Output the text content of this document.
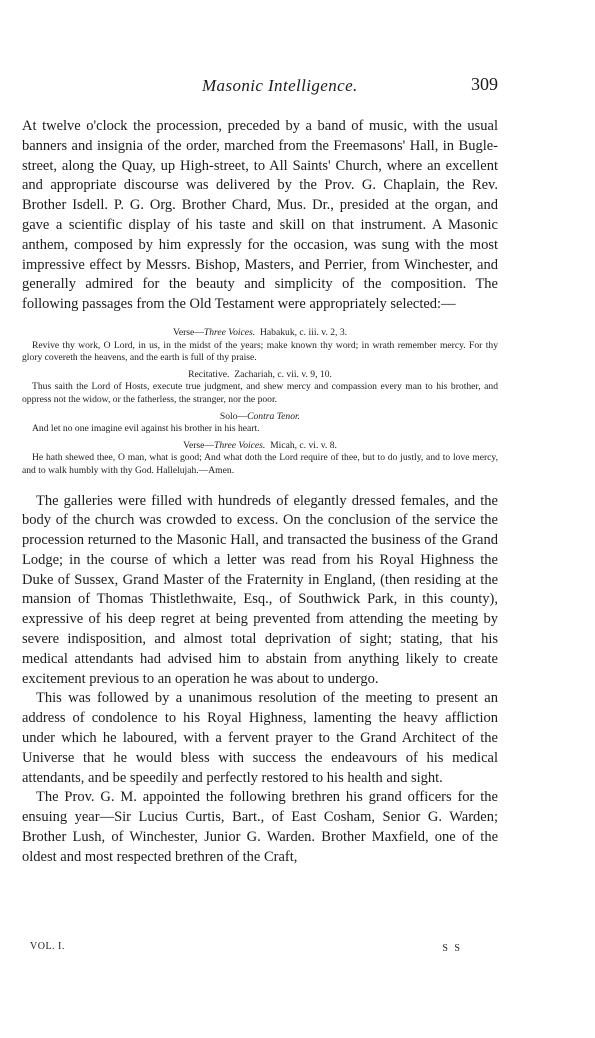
Masonic Intelligence.	309

At twelve o'clock the procession, preceded by a band of music, with the usual banners and insignia of the order, marched from the Freemasons' Hall, in Bugle-street, along the Quay, up High-street, to All Saints' Church, where an excellent and appropriate discourse was delivered by the Prov. G. Chaplain, the Rev. Brother Isdell. P. G. Org. Brother Chard, Mus. Dr., presided at the organ, and gave a scientific display of his taste and skill on that instrument. A Masonic anthem, composed by him expressly for the occasion, was sung with the most impressive effect by Messrs. Bishop, Masters, and Perrier, from Winchester, and generally admired for the beauty and simplicity of the composition. The following passages from the Old Testament were appropriately selected:—

Verse—Three Voices. Habakuk, c. iii. v. 2, 3.
Revive thy work, O Lord, in us, in the midst of the years; make known thy word; in wrath remember mercy. For thy glory covereth the heavens, and the earth is full of thy praise.
Recitative. Zachariah, c. vii. v. 9, 10.
Thus saith the Lord of Hosts, execute true judgment, and shew mercy and compassion every man to his brother, and oppress not the widow, or the fatherless, the stranger, nor the poor.
Solo—Contra Tenor.
And let no one imagine evil against his brother in his heart.
Verse—Three Voices. Micah, c. vi. v. 8.
He hath shewed thee, O man, what is good; And what doth the Lord require of thee, but to do justly, and to love mercy, and to walk humbly with thy God. Hallelujah.—Amen.

The galleries were filled with hundreds of elegantly dressed females, and the body of the church was crowded to excess. On the conclusion of the service the procession returned to the Masonic Hall, and transacted the business of the Grand Lodge; in the course of which a letter was read from his Royal Highness the Duke of Sussex, Grand Master of the Fraternity in England, (then residing at the mansion of Thomas Thistlethwaite, Esq., of Southwick Park, in this county), expressive of his deep regret at being prevented from attending the meeting by severe indisposition, and almost total deprivation of sight; stating, that his medical attendants had advised him to abstain from anything likely to create excitement previous to an operation he was about to undergo.

This was followed by a unanimous resolution of the meeting to present an address of condolence to his Royal Highness, lamenting the heavy affliction under which he laboured, with a fervent prayer to the Grand Architect of the Universe that he would bless with success the endeavours of his medical attendants, and be speedily and perfectly restored to his health and sight.

The Prov. G. M. appointed the following brethren his grand officers for the ensuing year—Sir Lucius Curtis, Bart., of East Cosham, Senior G. Warden; Brother Lush, of Winchester, Junior G. Warden. Brother Maxfield, one of the oldest and most respected brethren of the Craft,

VOL. I.	S S
